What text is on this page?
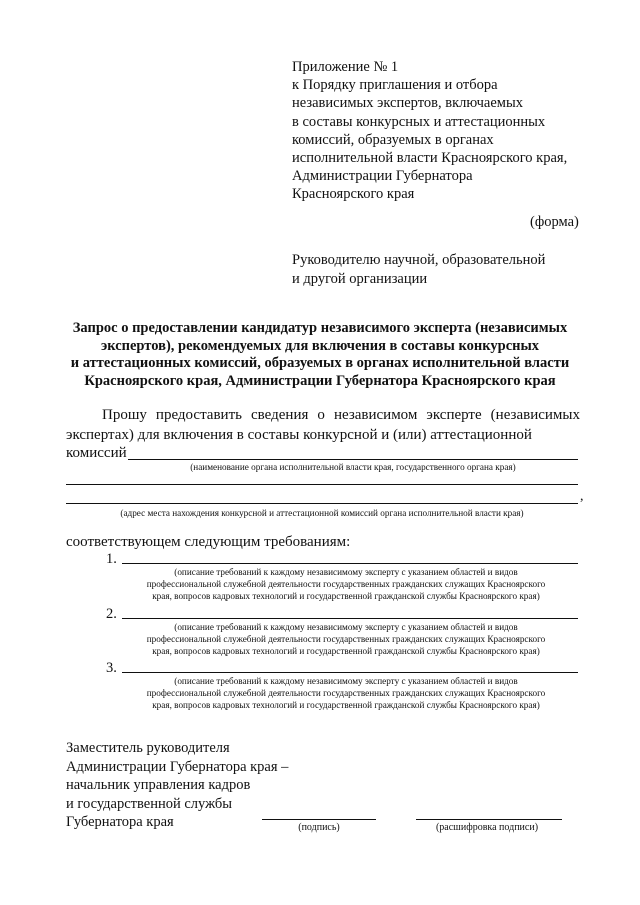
Приложение № 1
к Порядку приглашения и отбора
независимых экспертов, включаемых
в составы конкурсных и аттестационных
комиссий, образуемых в органах
исполнительной власти Красноярского края,
Администрации Губернатора
Красноярского края
(форма)
Руководителю научной, образовательной
и другой организации
Запрос о предоставлении кандидатур независимого эксперта (независимых
экспертов), рекомендуемых для включения в составы конкурсных
и аттестационных комиссий, образуемых в органах исполнительной власти
Красноярского края, Администрации Губернатора Красноярского края
Прошу предоставить сведения о независимом эксперте (независимых экспертах) для включения в составы конкурсной и (или) аттестационной
комиссий
(наименование органа исполнительной власти края, государственного органа края)
,
(адрес места нахождения конкурсной и аттестационной комиссий органа исполнительной власти края)
соответствующем следующим требованиям:
1.
(описание требований к каждому независимому эксперту с указанием областей и видов
профессиональной служебной деятельности государственных гражданских служащих Красноярского
края, вопросов кадровых технологий и государственной гражданской службы Красноярского края)
2.
(описание требований к каждому независимому эксперту с указанием областей и видов
профессиональной служебной деятельности государственных гражданских служащих Красноярского
края, вопросов кадровых технологий и государственной гражданской службы Красноярского края)
3.
(описание требований к каждому независимому эксперту с указанием областей и видов
профессиональной служебной деятельности государственных гражданских служащих Красноярского
края, вопросов кадровых технологий и государственной гражданской службы Красноярского края)
Заместитель руководителя
Администрации Губернатора края –
начальник управления кадров
и государственной службы
Губернатора края	(подпись)	(расшифровка подписи)
